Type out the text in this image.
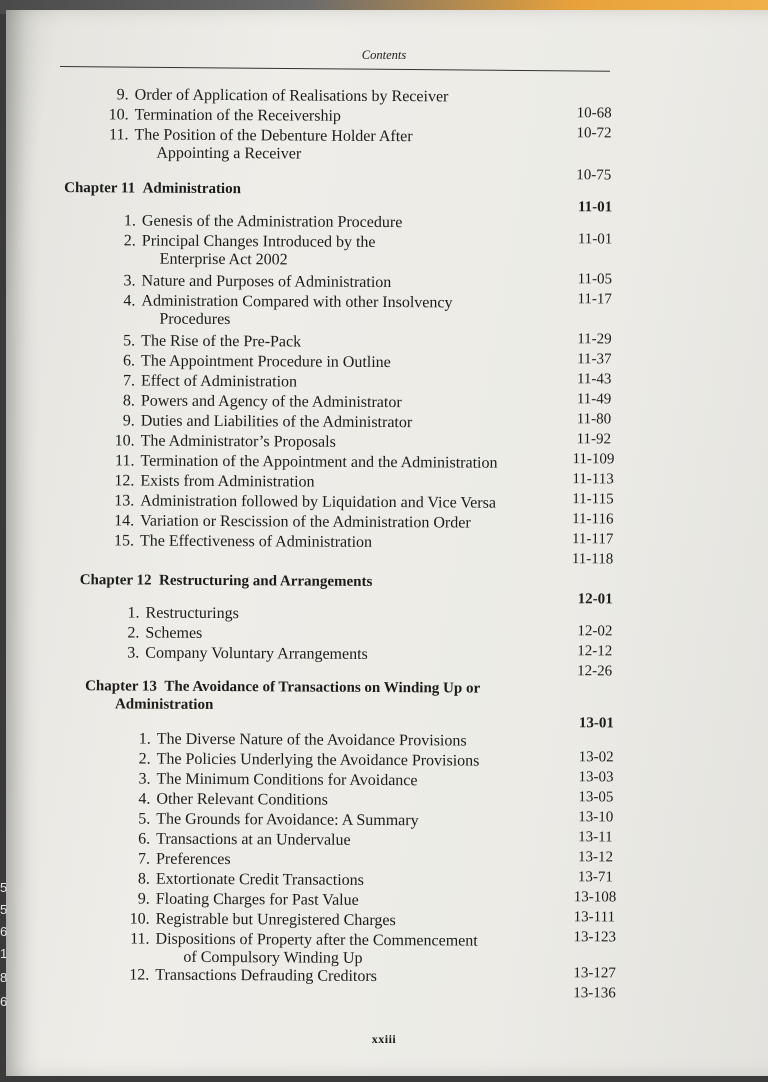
Contents
9. Order of Application of Realisations by Receiver
10-68
10. Termination of the Receivership
10-72
11. The Position of the Debenture Holder After
Appointing a Receiver
10-75
Chapter 11 Administration
11-01
1. Genesis of the Administration Procedure
11-01
2. Principal Changes Introduced by the
Enterprise Act 2002
11-05
3. Nature and Purposes of Administration
11-17
4. Administration Compared with other Insolvency
Procedures
11-29
5. The Rise of the Pre-Pack
11-37
6. The Appointment Procedure in Outline
11-43
7. Effect of Administration
11-49
8. Powers and Agency of the Administrator
11-80
9. Duties and Liabilities of the Administrator
11-92
10. The Administrator’s Proposals
11-109
11. Termination of the Appointment and the Administration
11-113
12. Exists from Administration
11-115
13. Administration followed by Liquidation and Vice Versa
11-116
14. Variation or Rescission of the Administration Order
11-117
15. The Effectiveness of Administration
11-118
Chapter 12 Restructuring and Arrangements
12-01
1. Restructurings
12-02
2. Schemes
12-12
3. Company Voluntary Arrangements
12-26
Chapter 13 The Avoidance of Transactions on Winding Up or
Administration
13-01
1. The Diverse Nature of the Avoidance Provisions
13-02
2. The Policies Underlying the Avoidance Provisions
13-03
3. The Minimum Conditions for Avoidance
13-05
4. Other Relevant Conditions
13-10
5. The Grounds for Avoidance: A Summary
13-11
6. Transactions at an Undervalue
13-12
7. Preferences
13-71
8. Extortionate Credit Transactions
13-108
9. Floating Charges for Past Value
13-111
10. Registrable but Unregistered Charges
13-123
11. Dispositions of Property after the Commencement
of Compulsory Winding Up
13-127
12. Transactions Defrauding Creditors
13-136
xxiii
5
5
6
1
8
6
